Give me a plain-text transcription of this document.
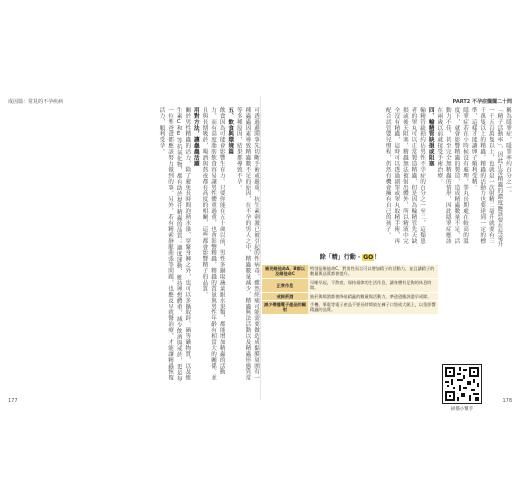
成因篇：常見的不孕疾病

可透過避開事先切斷手術或嚴重，抗生素刺激已被引起的性病毒，雖然經痛可能需要做造成黏膜周圍有一種蟲蟲因素導致精蟲數不足的原因，在不孕的男人之中，精蟲數量減少，精蟲無法活動以及精蟲形態異常等多種原因，結果都導致不孕。

五、飲食與環境篇

飲食因為可能會影響生育力。只要你能在五十歲以前，男性多攝取蔬菜跟水果類，都能增加精蟲的活動力，而有高度脂肪飲食容易讓男性體重過重，也會影響精蟲，精蟲的質量與男性年齡有相當大的關係，並且與長期吸菸，喝酒與熬夜都有高度的相關，這些都會影響精子的品質。

用對方法，讓蟲蟲活躍

關於男性精蟲的活力，除了避免長時間泡熱水澡、穿緊身褲之外，也可以多攝取鋅、硒等礦物質，以及維生素C和E等抗氧化物，都有助於提升精蟲的品質；適度運動、維持理想體重、減少飲酒與戒菸，更是每一位準爸爸都應該努力做到的事。另外，若有精索靜脈曲張等問題，也應及早就醫治療，才能讓精蟲恢復活力，順利受孕。

177
PART2 不孕症爛爛二十問

稱為隱睪症，隱睪率約百分之一。

「精子活動率」，因此正常精蟲的濃度應該要在每毫升一千五百萬隻以上，也就是一次射精二毫升就要有三千萬隻以上的精蟲，精蟲的活動力也要達到一定的標準，這樣才能讓卵子順利受精。

隱睪症若在小時候沒有處理，睪丸長期處在較高的溫度下，就會影響精蟲的製造，造成精蟲數量不足、活動力不佳，甚至完全無精蟲的情形，因此隱睪症應該在兩歲以前就接受手術治療。

四、輸精管缺損或阻塞

輸精管缺損約佔男性不孕症的百分之一至二，這類患者的睪丸可以正常製造精蟲，但是因為輸精管先天缺損或後天阻塞，精蟲無法被射出體外，所以精液中完全沒有精蟲，這時可以透過副睪或睪丸取精手術，再配合試管嬰兒療程，仍然有機會擁有自己的孩子。

除「精」行動 · GO！
補充維他命A、B群以及維他命C	特別是維他命C，對男性而言可以增加精子的活動力，並且讓精子的數量與品質都會提升。
正常作息	早睡早起，不熬夜，保持規律的生活作息，讓身體有足夠的休息時間。
戒除菸酒	抽菸與喝酒都會降低精蟲的數量與活動力，準爸爸應該盡早戒除。
減少傳播電子產品的輻射	手機、筆電等電子產品不要長時間放在褲子口袋或大腿上，以免影響精蟲的品質。
掃描小幫手
178
